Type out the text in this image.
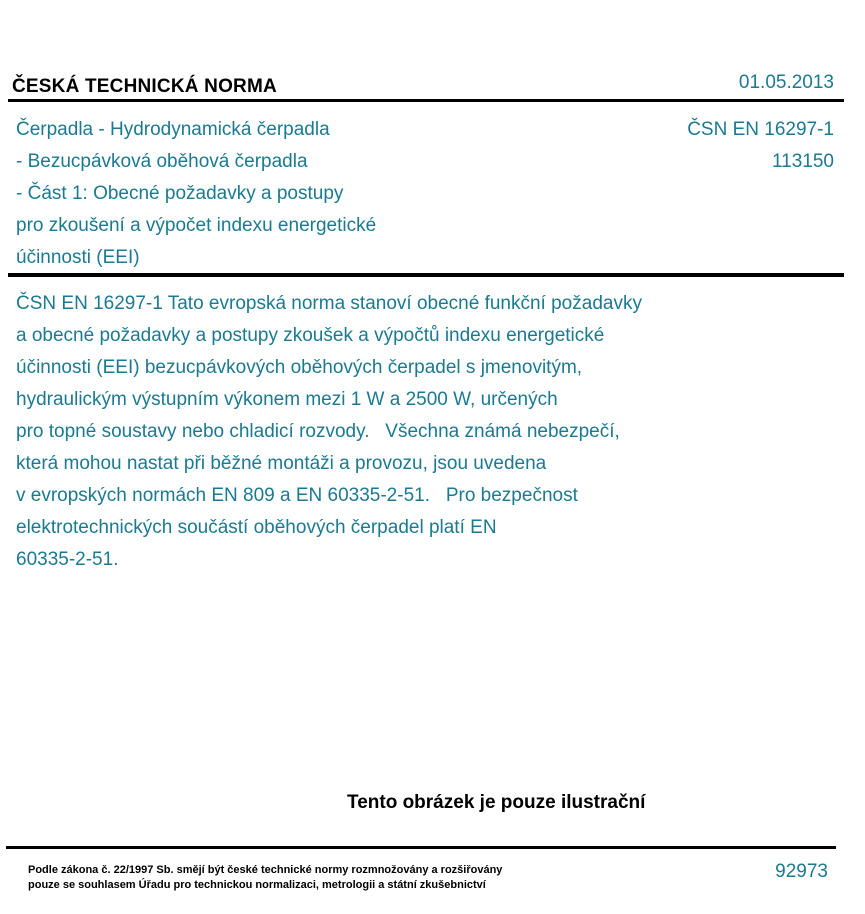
ČESKÁ TECHNICKÁ NORMA	01.05.2013
Čerpadla - Hydrodynamická čerpadla
- Bezucpávková oběhová čerpadla
- Část 1: Obecné požadavky a postupy
pro zkoušení a výpočet indexu energetické
účinnosti (EEI)
ČSN EN 16297-1
113150
ČSN EN 16297-1 Tato evropská norma stanoví obecné funkční požadavky
a obecné požadavky a postupy zkoušek a výpočtů indexu energetické
účinnosti (EEI) bezucpávkových oběhových čerpadel s jmenovitým,
hydraulickým výstupním výkonem mezi 1 W a 2500 W, určených
pro topné soustavy nebo chladicí rozvody.   Všechna známá nebezpečí,
která mohou nastat při běžné montáži a provozu, jsou uvedena
v evropských normách EN 809 a EN 60335-2-51.   Pro bezpečnost
elektrotechnických součástí oběhových čerpadel platí EN
60335-2-51.
Tento obrázek je pouze ilustrační
Podle zákona č. 22/1997 Sb. smějí být české technické normy rozmnožovány a rozšiřovány
pouze se souhlasem Úřadu pro technickou normalizaci, metrologii a státní zkušebnictví
92973
